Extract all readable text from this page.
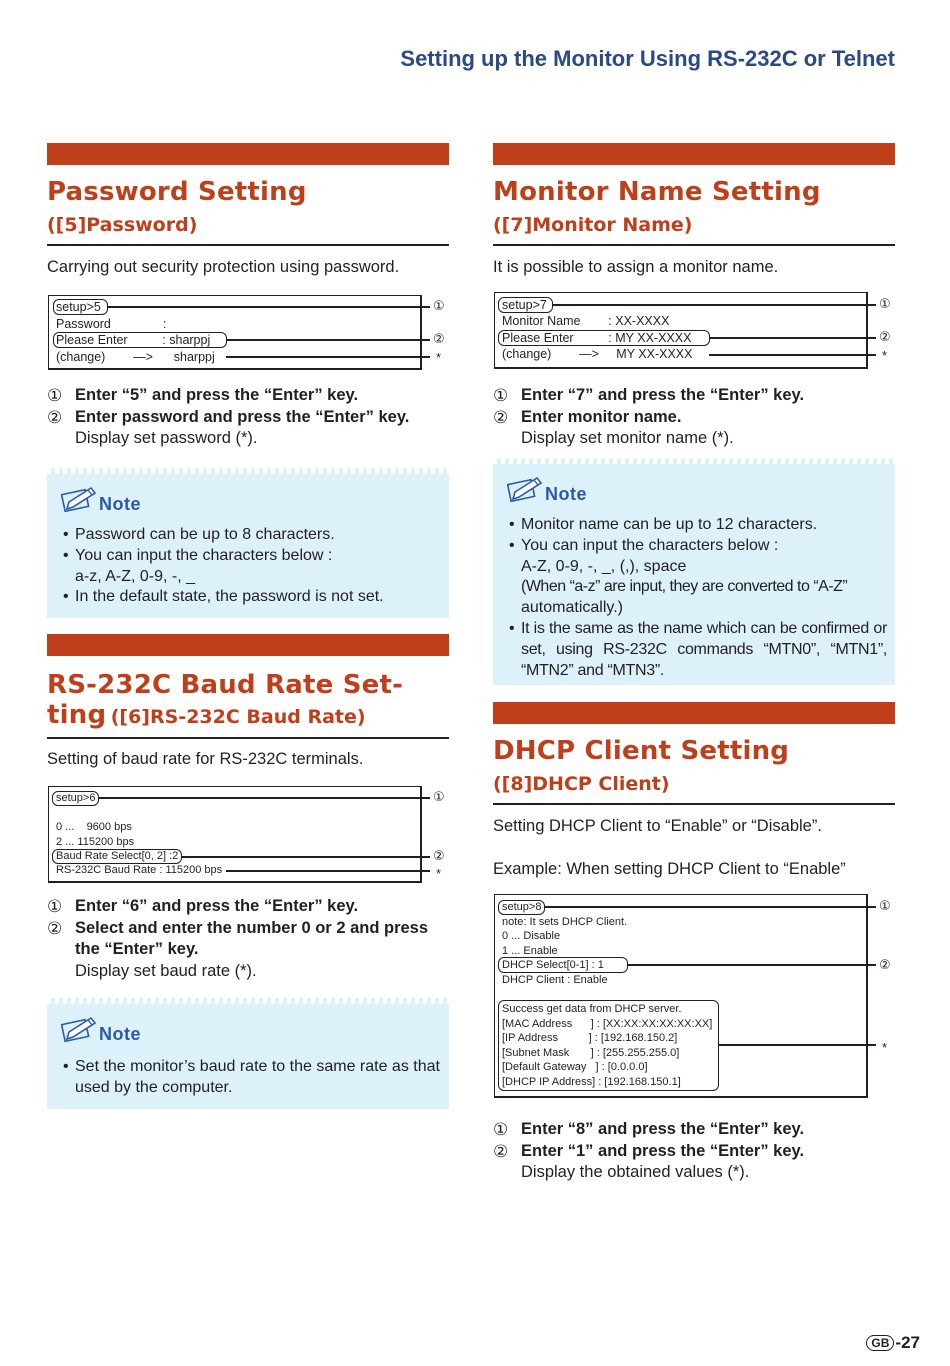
Setting up the Monitor Using RS-232C or Telnet
Password Setting
([5]Password)
Carrying out security protection using password.
setup>5
Password               :
Please Enter          : sharppj
(change)        —>      sharppj
①
②
*
① Enter “5” and press the “Enter” key.
② Enter password and press the “Enter” key.
Display set password (*).
Note
• Password can be up to 8 characters.
• You can input the characters below :
a-z, A-Z, 0-9, -, _
• In the default state, the password is not set.
RS-232C Baud Rate Set-
ting ([6]RS-232C Baud Rate)
Setting of baud rate for RS-232C terminals.
setup>6
0 ...    9600 bps
2 ... 115200 bps
Baud Rate Select[0, 2] :2
RS-232C Baud Rate : 115200 bps
①
②
*
① Enter “6” and press the “Enter” key.
② Select and enter the number 0 or 2 and press the “Enter” key.
Display set baud rate (*).
Note
• Set the monitor’s baud rate to the same rate as that used by the computer.
Monitor Name Setting
([7]Monitor Name)
It is possible to assign a monitor name.
setup>7
Monitor Name        : XX-XXXX
Please Enter          : MY XX-XXXX
(change)        —>     MY XX-XXXX
①
②
*
① Enter “7” and press the “Enter” key.
② Enter monitor name.
Display set monitor name (*).
Note
• Monitor name can be up to 12 characters.
• You can input the characters below :
A-Z, 0-9, -, _, (,), space
(When “a-z” are input, they are converted to “A-Z”
automatically.)
• It is the same as the name which can be confirmed or set, using RS-232C commands “MTN0”, “MTN1”, “MTN2” and “MTN3”.
DHCP Client Setting
([8]DHCP Client)
Setting DHCP Client to “Enable” or “Disable”.
Example: When setting DHCP Client to “Enable”
setup>8
note: It sets DHCP Client.
0 ... Disable
1 ... Enable
DHCP Select[0-1] : 1
DHCP Client : Enable
Success get data from DHCP server.
[MAC Address      ] : [XX:XX:XX:XX:XX:XX]
[IP Address          ] : [192.168.150.2]
[Subnet Mask       ] : [255.255.255.0]
[Default Gateway   ] : [0.0.0.0]
[DHCP IP Address] : [192.168.150.1]
①
②
*
① Enter “8” and press the “Enter” key.
② Enter “1” and press the “Enter” key.
Display the obtained values (*).
GB -27
